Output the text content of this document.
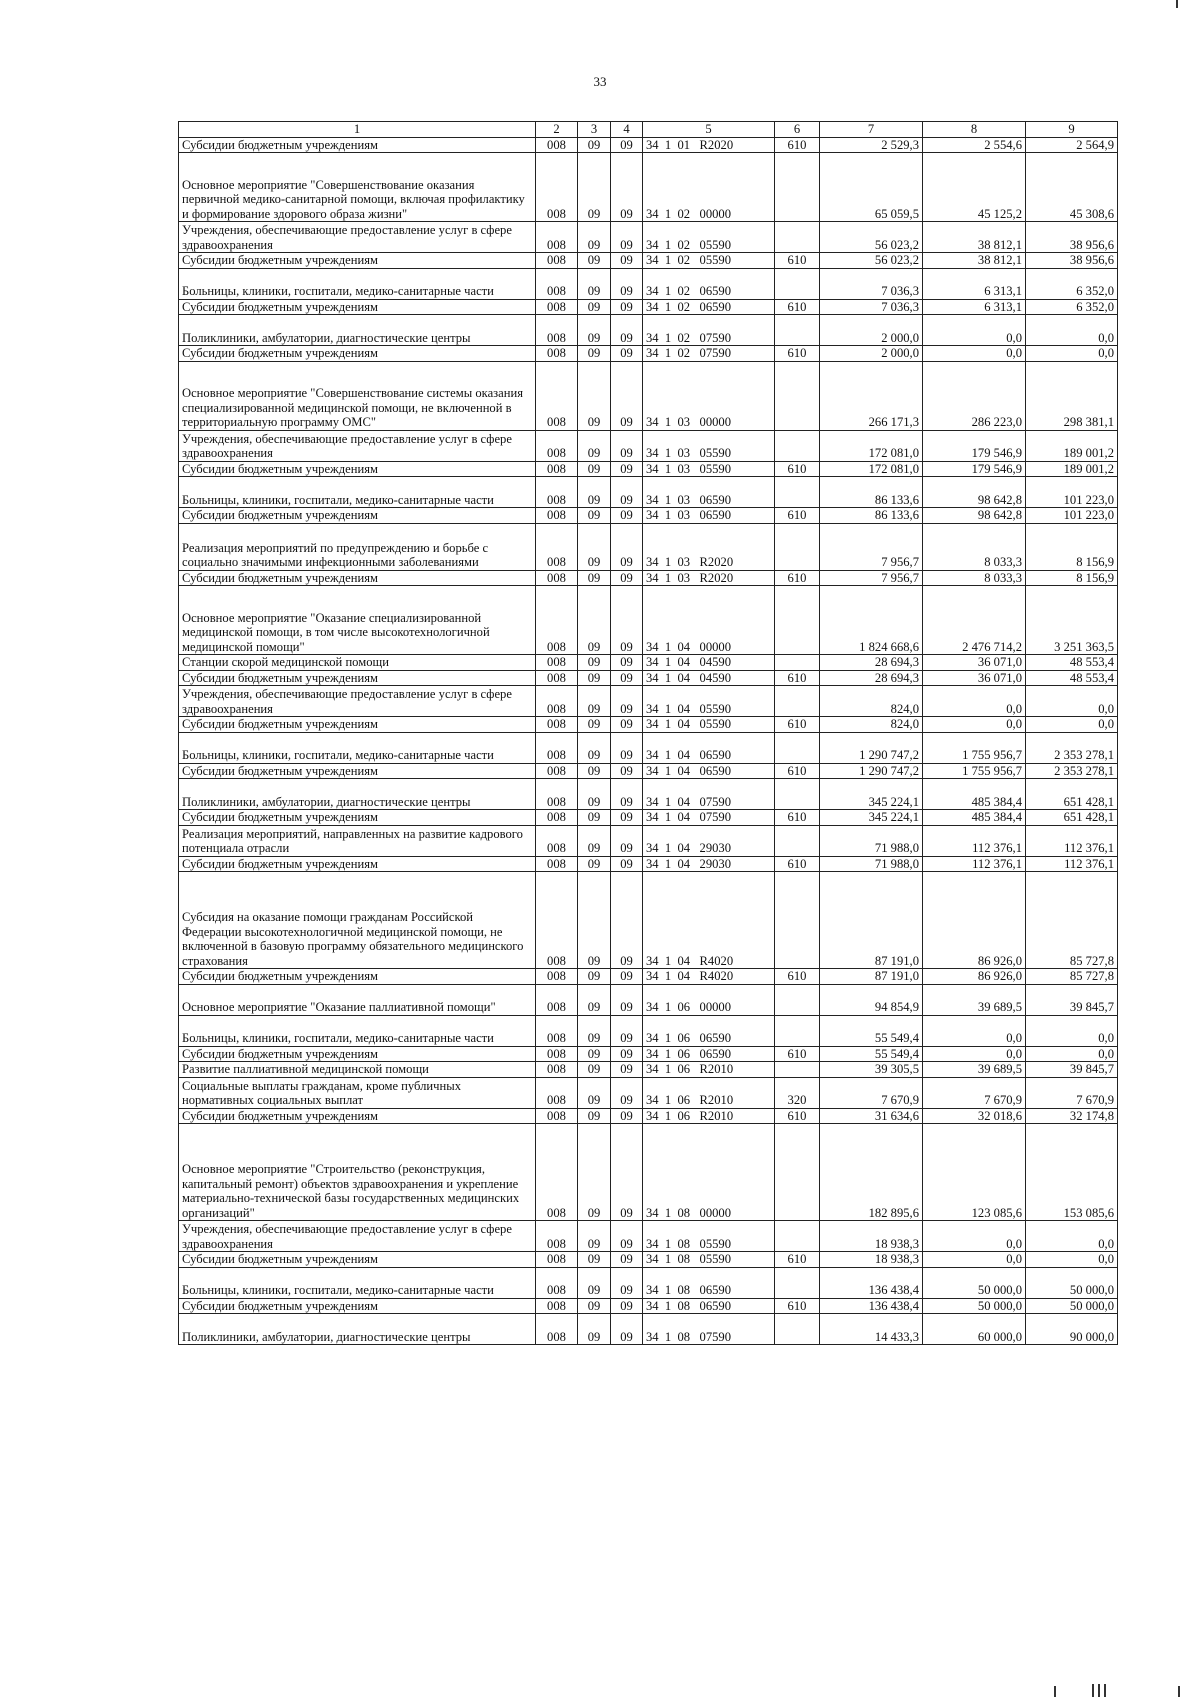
33
1	2	3	4	5	6	7	8	9
Субсидии бюджетным учреждениям	008	09	09	34  1  01   R2020	610	2 529,3	2 554,6	2 564,9
Основное мероприятие "Совершенствование оказания первичной медико-санитарной помощи, включая профилактику и формирование здорового образа жизни"	008	09	09	34  1  02   00000		65 059,5	45 125,2	45 308,6
Учреждения, обеспечивающие предоставление услуг в сфере здравоохранения	008	09	09	34  1  02   05590		56 023,2	38 812,1	38 956,6
Субсидии бюджетным учреждениям	008	09	09	34  1  02   05590	610	56 023,2	38 812,1	38 956,6
Больницы, клиники, госпитали, медико-санитарные части	008	09	09	34  1  02   06590		7 036,3	6 313,1	6 352,0
Субсидии бюджетным учреждениям	008	09	09	34  1  02   06590	610	7 036,3	6 313,1	6 352,0
Поликлиники, амбулатории, диагностические центры	008	09	09	34  1  02   07590		2 000,0	0,0	0,0
Субсидии бюджетным учреждениям	008	09	09	34  1  02   07590	610	2 000,0	0,0	0,0
Основное мероприятие "Совершенствование системы оказания специализированной медицинской помощи, не включенной в территориальную программу ОМС"	008	09	09	34  1  03   00000		266 171,3	286 223,0	298 381,1
Учреждения, обеспечивающие предоставление услуг в сфере здравоохранения	008	09	09	34  1  03   05590		172 081,0	179 546,9	189 001,2
Субсидии бюджетным учреждениям	008	09	09	34  1  03   05590	610	172 081,0	179 546,9	189 001,2
Больницы, клиники, госпитали, медико-санитарные части	008	09	09	34  1  03   06590		86 133,6	98 642,8	101 223,0
Субсидии бюджетным учреждениям	008	09	09	34  1  03   06590	610	86 133,6	98 642,8	101 223,0
Реализация мероприятий по предупреждению и борьбе с социально значимыми инфекционными заболеваниями	008	09	09	34  1  03   R2020		7 956,7	8 033,3	8 156,9
Субсидии бюджетным учреждениям	008	09	09	34  1  03   R2020	610	7 956,7	8 033,3	8 156,9
Основное мероприятие "Оказание специализированной медицинской помощи, в том числе высокотехнологичной медицинской помощи"	008	09	09	34  1  04   00000		1 824 668,6	2 476 714,2	3 251 363,5
Станции скорой медицинской помощи	008	09	09	34  1  04   04590		28 694,3	36 071,0	48 553,4
Субсидии бюджетным учреждениям	008	09	09	34  1  04   04590	610	28 694,3	36 071,0	48 553,4
Учреждения, обеспечивающие предоставление услуг в сфере здравоохранения	008	09	09	34  1  04   05590		824,0	0,0	0,0
Субсидии бюджетным учреждениям	008	09	09	34  1  04   05590	610	824,0	0,0	0,0
Больницы, клиники, госпитали, медико-санитарные части	008	09	09	34  1  04   06590		1 290 747,2	1 755 956,7	2 353 278,1
Субсидии бюджетным учреждениям	008	09	09	34  1  04   06590	610	1 290 747,2	1 755 956,7	2 353 278,1
Поликлиники, амбулатории, диагностические центры	008	09	09	34  1  04   07590		345 224,1	485 384,4	651 428,1
Субсидии бюджетным учреждениям	008	09	09	34  1  04   07590	610	345 224,1	485 384,4	651 428,1
Реализация мероприятий, направленных на развитие кадрового потенциала отрасли	008	09	09	34  1  04   29030		71 988,0	112 376,1	112 376,1
Субсидии бюджетным учреждениям	008	09	09	34  1  04   29030	610	71 988,0	112 376,1	112 376,1
Субсидия на оказание помощи гражданам Российской Федерации высокотехнологичной медицинской помощи, не включенной в базовую программу обязательного медицинского страхования	008	09	09	34  1  04   R4020		87 191,0	86 926,0	85 727,8
Субсидии бюджетным учреждениям	008	09	09	34  1  04   R4020	610	87 191,0	86 926,0	85 727,8
Основное мероприятие "Оказание паллиативной помощи"	008	09	09	34  1  06   00000		94 854,9	39 689,5	39 845,7
Больницы, клиники, госпитали, медико-санитарные части	008	09	09	34  1  06   06590		55 549,4	0,0	0,0
Субсидии бюджетным учреждениям	008	09	09	34  1  06   06590	610	55 549,4	0,0	0,0
Развитие паллиативной медицинской помощи	008	09	09	34  1  06   R2010		39 305,5	39 689,5	39 845,7
Социальные выплаты гражданам, кроме публичных нормативных социальных выплат	008	09	09	34  1  06   R2010	320	7 670,9	7 670,9	7 670,9
Субсидии бюджетным учреждениям	008	09	09	34  1  06   R2010	610	31 634,6	32 018,6	32 174,8
Основное мероприятие "Строительство (реконструкция, капитальный ремонт) объектов здравоохранения и укрепление материально-технической базы государственных медицинских организаций"	008	09	09	34  1  08   00000		182 895,6	123 085,6	153 085,6
Учреждения, обеспечивающие предоставление услуг в сфере здравоохранения	008	09	09	34  1  08   05590		18 938,3	0,0	0,0
Субсидии бюджетным учреждениям	008	09	09	34  1  08   05590	610	18 938,3	0,0	0,0
Больницы, клиники, госпитали, медико-санитарные части	008	09	09	34  1  08   06590		136 438,4	50 000,0	50 000,0
Субсидии бюджетным учреждениям	008	09	09	34  1  08   06590	610	136 438,4	50 000,0	50 000,0
Поликлиники, амбулатории, диагностические центры	008	09	09	34  1  08   07590		14 433,3	60 000,0	90 000,0
